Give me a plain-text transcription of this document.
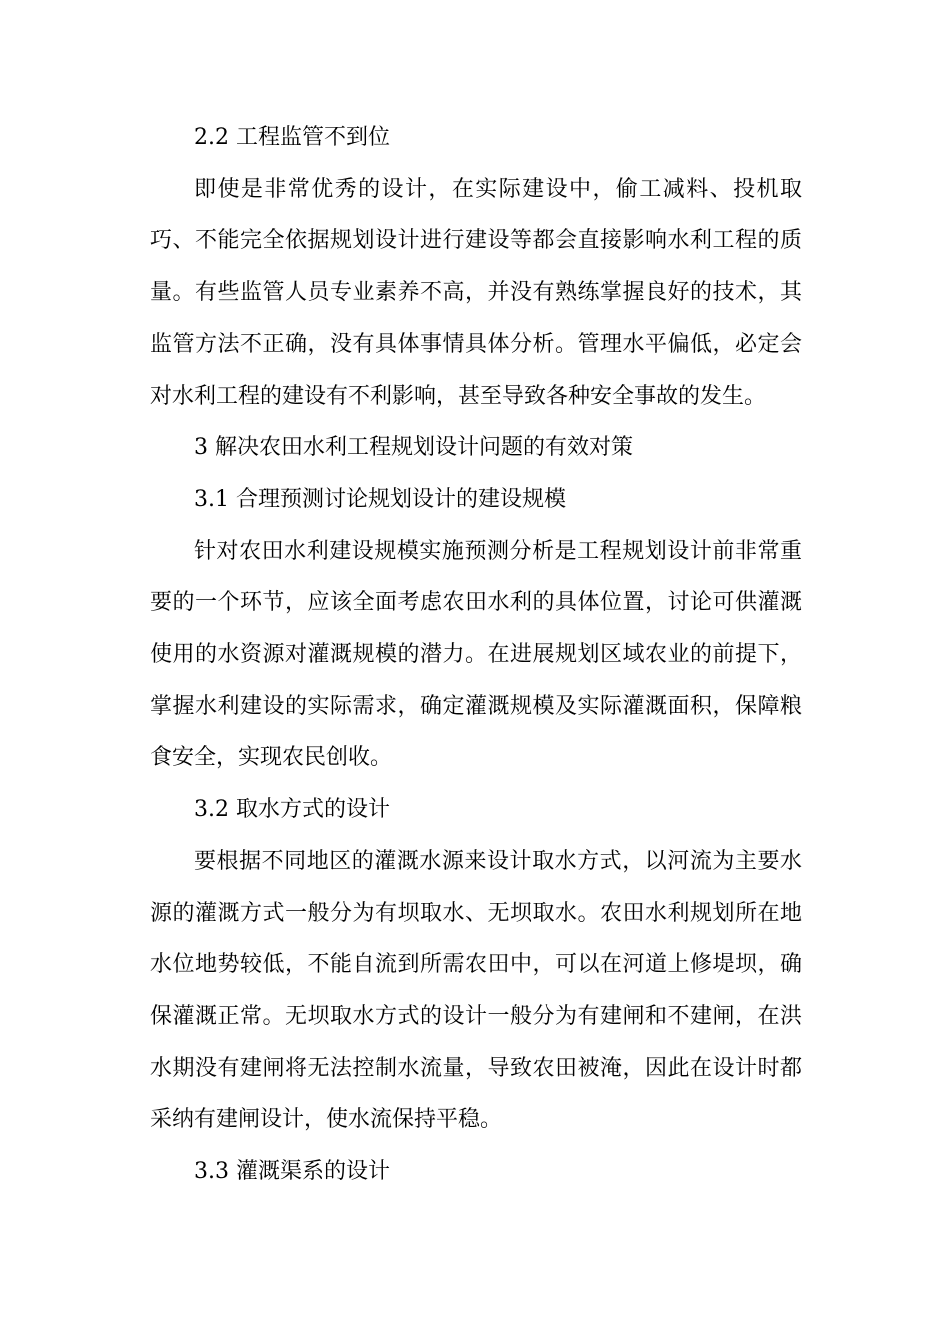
2.2 工程监管不到位

即使是非常优秀的设计，在实际建设中，偷工减料、投机取巧、不能完全依据规划设计进行建设等都会直接影响水利工程的质量。有些监管人员专业素养不高，并没有熟练掌握良好的技术，其监管方法不正确，没有具体事情具体分析。管理水平偏低，必定会对水利工程的建设有不利影响，甚至导致各种安全事故的发生。

3 解决农田水利工程规划设计问题的有效对策

3.1 合理预测讨论规划设计的建设规模

针对农田水利建设规模实施预测分析是工程规划设计前非常重要的一个环节，应该全面考虑农田水利的具体位置，讨论可供灌溉使用的水资源对灌溉规模的潜力。在进展规划区域农业的前提下，掌握水利建设的实际需求，确定灌溉规模及实际灌溉面积，保障粮食安全，实现农民创收。

3.2 取水方式的设计

要根据不同地区的灌溉水源来设计取水方式，以河流为主要水源的灌溉方式一般分为有坝取水、无坝取水。农田水利规划所在地水位地势较低，不能自流到所需农田中，可以在河道上修堤坝，确保灌溉正常。无坝取水方式的设计一般分为有建闸和不建闸，在洪水期没有建闸将无法控制水流量，导致农田被淹，因此在设计时都采纳有建闸设计，使水流保持平稳。

3.3 灌溉渠系的设计
